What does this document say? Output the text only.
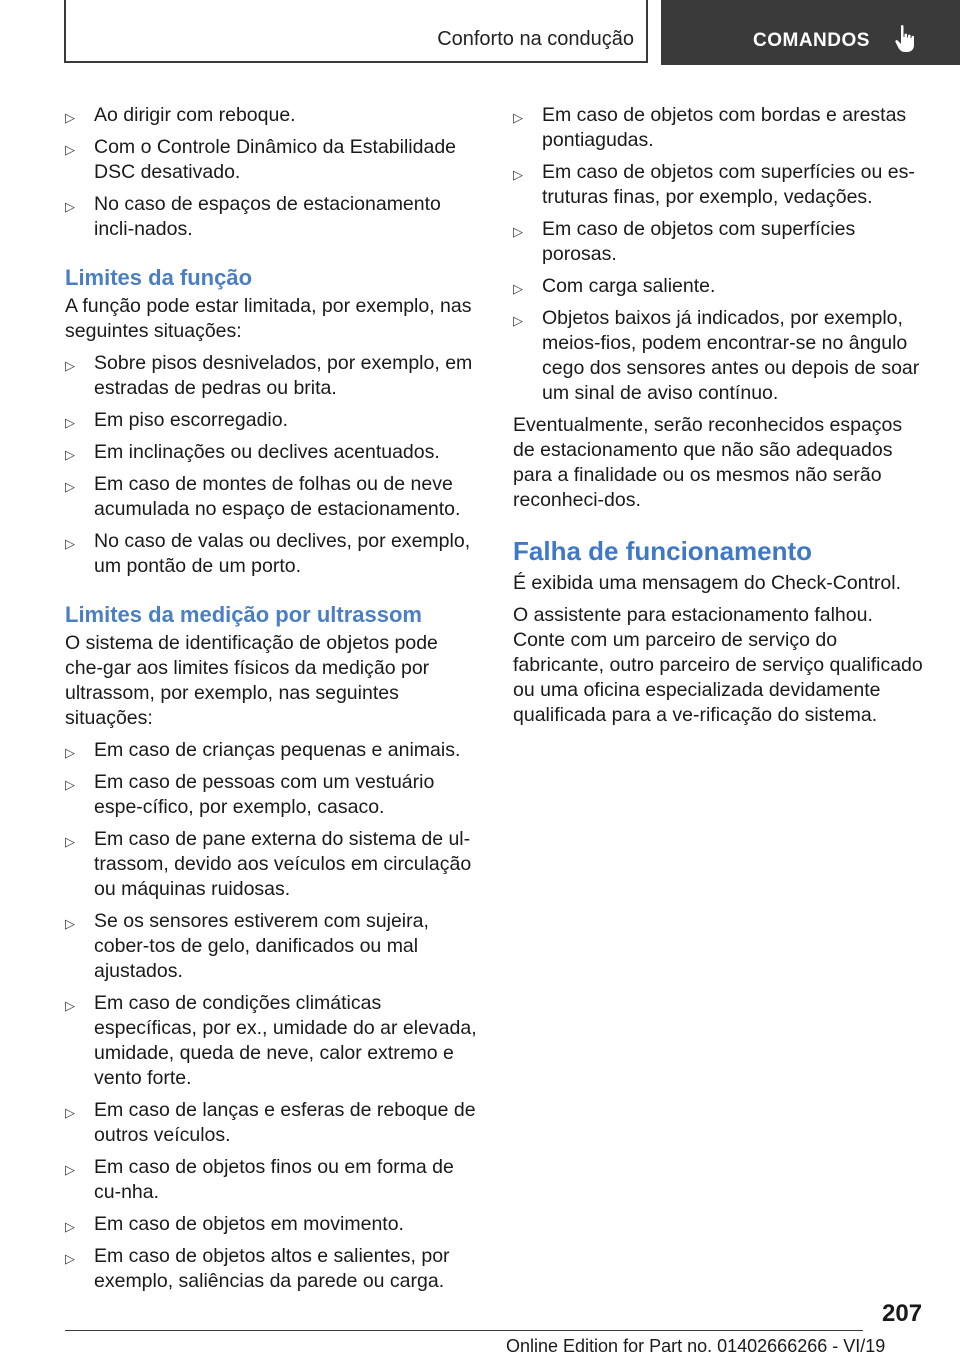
Conforto na condução	COMANDOS
▷ Ao dirigir com reboque.
▷ Com o Controle Dinâmico da Estabilidade DSC desativado.
▷ No caso de espaços de estacionamento incli-nados.
Limites da função

A função pode estar limitada, por exemplo, nas seguintes situações:

▷ Sobre pisos desnivelados, por exemplo, em estradas de pedras ou brita.
▷ Em piso escorregadio.
▷ Em inclinações ou declives acentuados.
▷ Em caso de montes de folhas ou de neve acumulada no espaço de estacionamento.
▷ No caso de valas ou declives, por exemplo, um pontão de um porto.
Limites da medição por ultrassom

O sistema de identificação de objetos pode che-gar aos limites físicos da medição por ultrassom, por exemplo, nas seguintes situações:

▷ Em caso de crianças pequenas e animais.
▷ Em caso de pessoas com um vestuário espe-cífico, por exemplo, casaco.
▷ Em caso de pane externa do sistema de ul-trassom, devido aos veículos em circulação ou máquinas ruidosas.
▷ Se os sensores estiverem com sujeira, cober-tos de gelo, danificados ou mal ajustados.
▷ Em caso de condições climáticas específicas, por ex., umidade do ar elevada, umidade, queda de neve, calor extremo e vento forte.
▷ Em caso de lanças e esferas de reboque de outros veículos.
▷ Em caso de objetos finos ou em forma de cu-nha.
▷ Em caso de objetos em movimento.
▷ Em caso de objetos altos e salientes, por exemplo, saliências da parede ou carga.
▷ Em caso de objetos com bordas e arestas pontiagudas.
▷ Em caso de objetos com superfícies ou es-truturas finas, por exemplo, vedações.
▷ Em caso de objetos com superfícies porosas.
▷ Com carga saliente.
▷ Objetos baixos já indicados, por exemplo, meios-fios, podem encontrar-se no ângulo cego dos sensores antes ou depois de soar um sinal de aviso contínuo.

Eventualmente, serão reconhecidos espaços de estacionamento que não são adequados para a finalidade ou os mesmos não serão reconheci-dos.

Falha de funcionamento

É exibida uma mensagem do Check-Control.

O assistente para estacionamento falhou. Conte com um parceiro de serviço do fabricante, outro parceiro de serviço qualificado ou uma oficina especializada devidamente qualificada para a ve-rificação do sistema.

207
Online Edition for Part no. 01402666266 - VI/19
